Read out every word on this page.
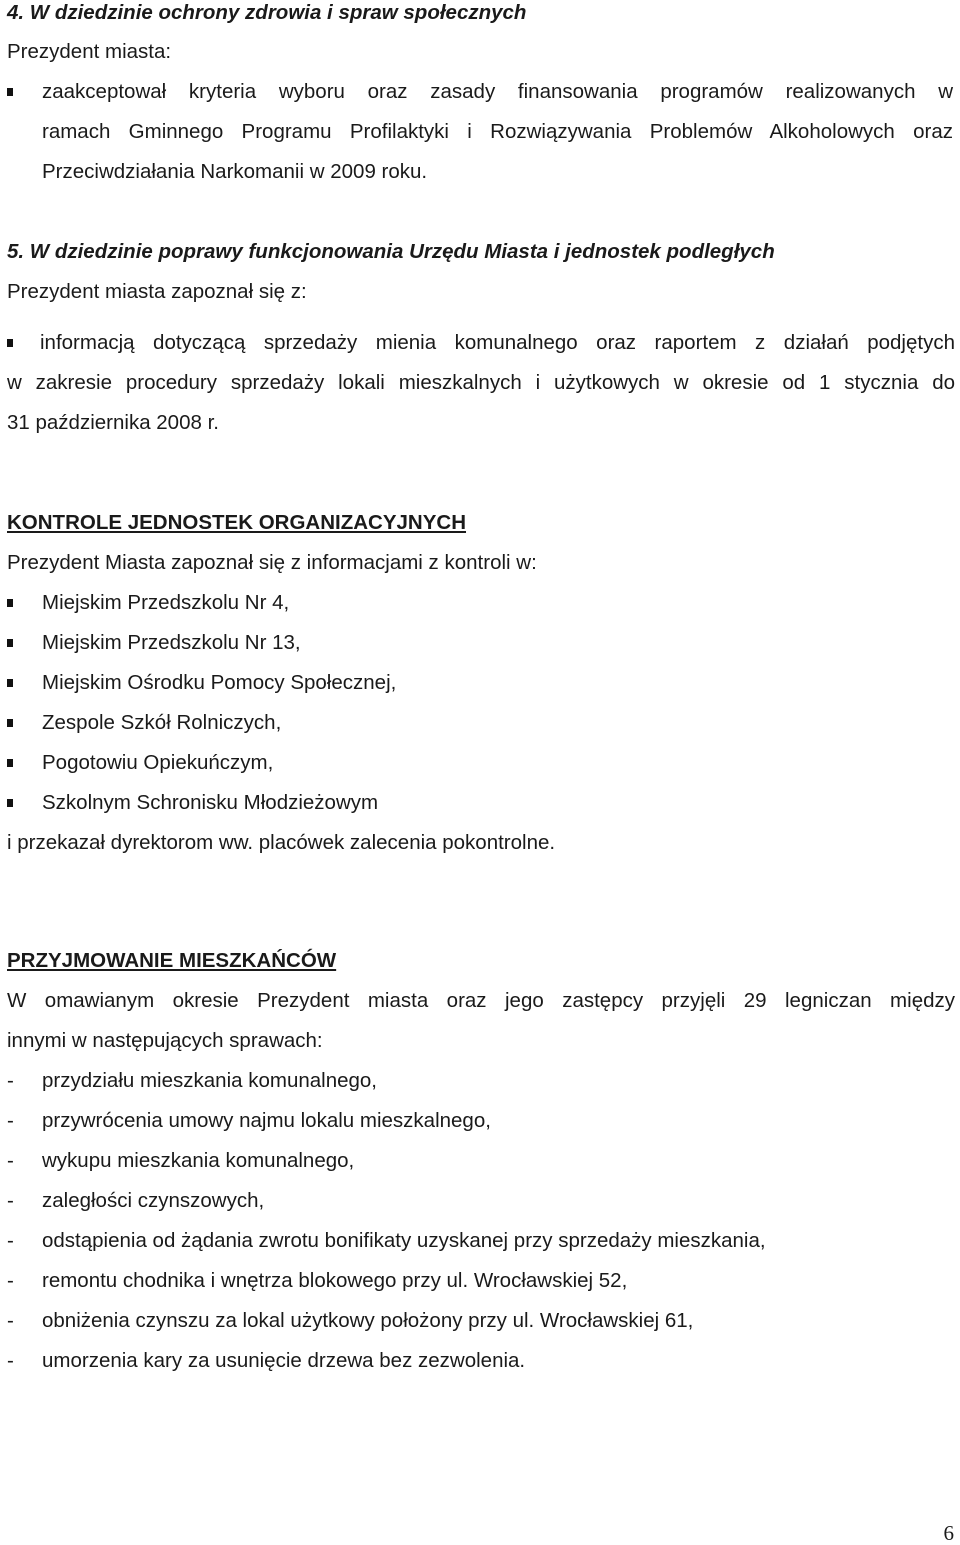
4. W dziedzinie ochrony zdrowia i spraw społecznych
Prezydent miasta:
zaakceptował kryteria wyboru oraz zasady finansowania programów realizowanych w
ramach Gminnego Programu Profilaktyki i Rozwiązywania Problemów Alkoholowych oraz
Przeciwdziałania Narkomanii w 2009 roku.
5. W dziedzinie poprawy funkcjonowania Urzędu Miasta i jednostek podległych
Prezydent miasta zapoznał się z:
informacją dotyczącą sprzedaży mienia komunalnego oraz raportem z działań podjętych
w zakresie procedury sprzedaży lokali mieszkalnych i użytkowych w okresie od 1 stycznia do
31 października 2008 r.
KONTROLE JEDNOSTEK ORGANIZACYJNYCH
Prezydent Miasta zapoznał się z informacjami z kontroli w:
Miejskim Przedszkolu Nr 4,
Miejskim Przedszkolu Nr 13,
Miejskim Ośrodku Pomocy Społecznej,
Zespole Szkół Rolniczych,
Pogotowiu Opiekuńczym,
Szkolnym Schronisku Młodzieżowym
i przekazał dyrektorom ww. placówek zalecenia pokontrolne.
PRZYJMOWANIE MIESZKAŃCÓW
W omawianym okresie Prezydent miasta oraz jego zastępcy przyjęli 29 legniczan między
innymi w następujących sprawach:
- przydziału mieszkania komunalnego,
- przywrócenia umowy najmu lokalu mieszkalnego,
- wykupu mieszkania komunalnego,
- zaległości czynszowych,
- odstąpienia od żądania zwrotu bonifikaty uzyskanej przy sprzedaży mieszkania,
- remontu chodnika i wnętrza blokowego przy ul. Wrocławskiej 52,
- obniżenia czynszu za lokal użytkowy położony przy ul. Wrocławskiej 61,
- umorzenia kary za usunięcie drzewa bez zezwolenia.
6
